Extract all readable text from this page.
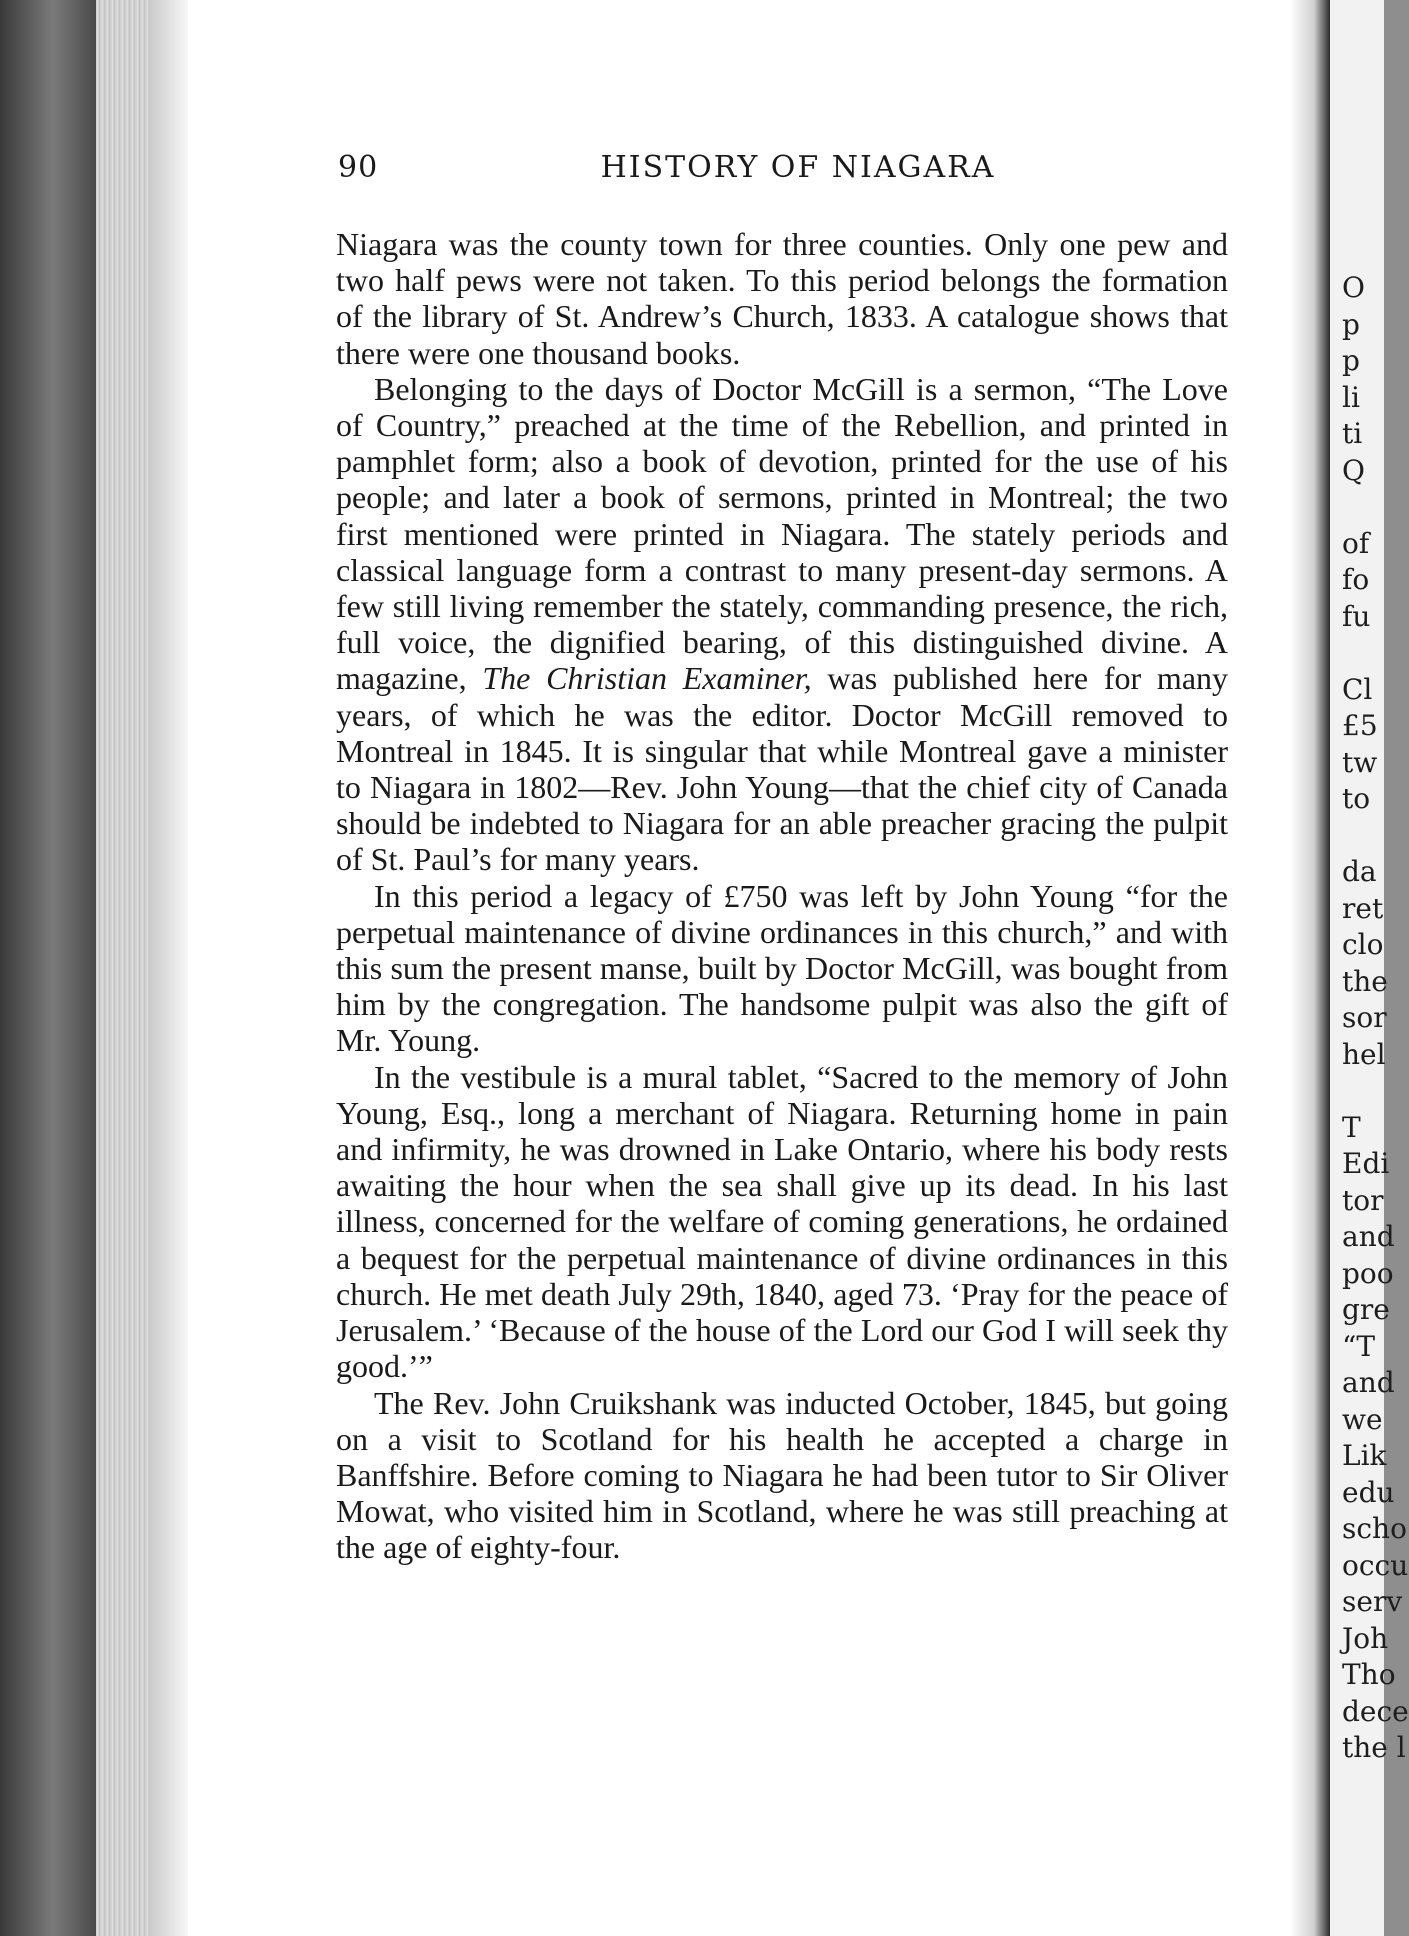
O
p
p
li
ti
Q

of
fo
fu

Cl
£5
tw
to

da
ret
clo
the
sor
hel

T
Edi
tor
and
poo
gre
“T
and
we
Lik
edu
scho
occu
serv
Joh
Tho
dece
the l
90	HISTORY OF NIAGARA

Niagara was the county town for three counties. Only one pew and two half pews were not taken. To this period belongs the formation of the library of St. Andrew’s Church, 1833. A catalogue shows that there were one thousand books.

Belonging to the days of Doctor McGill is a sermon, “The Love of Country,” preached at the time of the Rebellion, and printed in pamphlet form; also a book of devotion, printed for the use of his people; and later a book of sermons, printed in Montreal; the two first mentioned were printed in Niagara. The stately periods and classical language form a contrast to many present-day sermons. A few still living remember the stately, commanding presence, the rich, full voice, the dignified bearing, of this distinguished divine. A magazine, The Christian Examiner, was published here for many years, of which he was the editor. Doctor McGill removed to Montreal in 1845. It is singular that while Montreal gave a minister to Niagara in 1802—Rev. John Young—that the chief city of Canada should be indebted to Niagara for an able preacher gracing the pulpit of St. Paul’s for many years.

In this period a legacy of £750 was left by John Young “for the perpetual maintenance of divine ordinances in this church,” and with this sum the present manse, built by Doctor McGill, was bought from him by the congregation. The handsome pulpit was also the gift of Mr. Young.

In the vestibule is a mural tablet, “Sacred to the memory of John Young, Esq., long a merchant of Niagara. Returning home in pain and infirmity, he was drowned in Lake Ontario, where his body rests awaiting the hour when the sea shall give up its dead. In his last illness, concerned for the welfare of coming generations, he ordained a bequest for the perpetual maintenance of divine ordinances in this church. He met death July 29th, 1840, aged 73. ‘Pray for the peace of Jerusalem.’ ‘Because of the house of the Lord our God I will seek thy good.’”

The Rev. John Cruikshank was inducted October, 1845, but going on a visit to Scotland for his health he accepted a charge in Banffshire. Before coming to Niagara he had been tutor to Sir Oliver Mowat, who visited him in Scotland, where he was still preaching at the age of eighty-four.
